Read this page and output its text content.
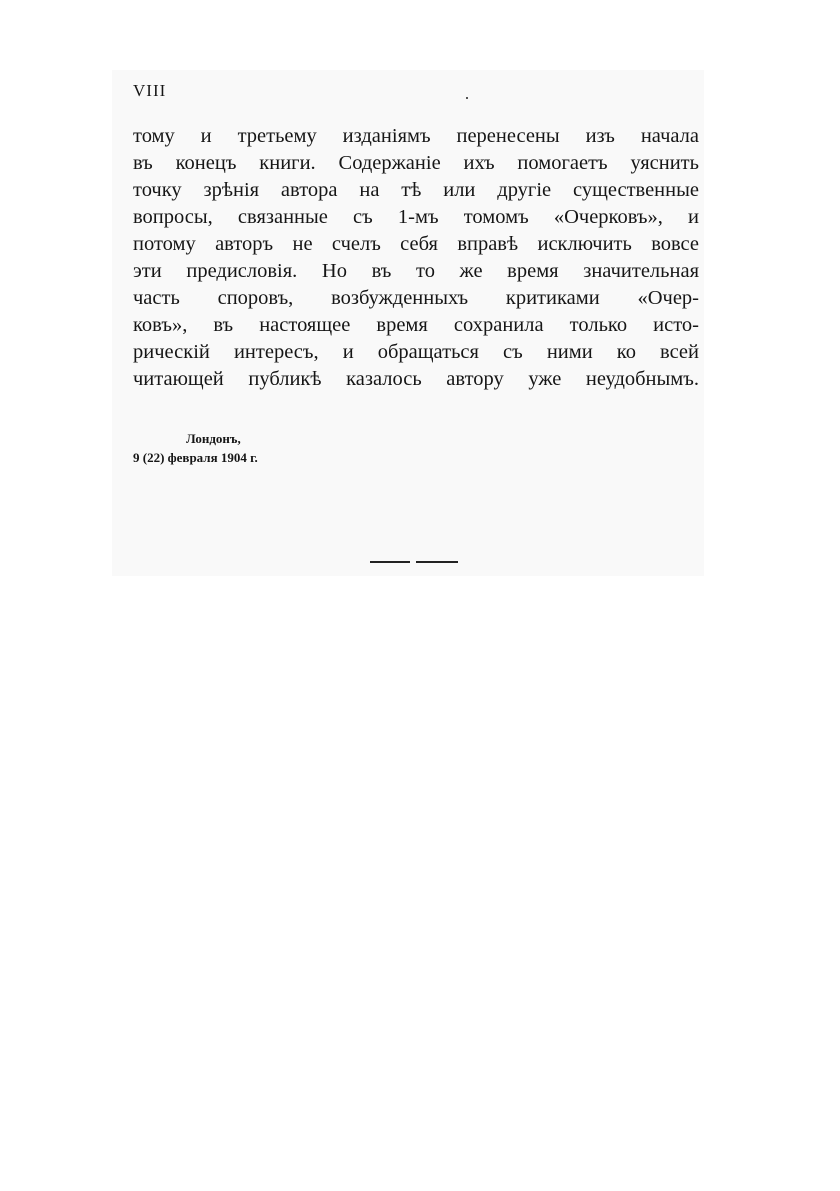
VIII

тому и третьему изданiямъ перенесены изъ начала
въ конецъ книги. Содержанiе ихъ помогаетъ уяснить
точку зрѣнiя автора на тѣ или другiе существенные
вопросы, связанные съ 1-мъ томомъ «Очерковъ», и
потому авторъ не счелъ себя вправѣ исключить вовсе
эти предисловiя. Но въ то же время значительная
часть споровъ, возбужденныхъ критиками «Очер-
ковъ», въ настоящее время сохранила только исто-
рическiй интересъ, и обращаться съ ними ко всей
читающей публикѣ казалось автору уже неудобнымъ.

Лондонъ,
9 (22) февраля 1904 г.
